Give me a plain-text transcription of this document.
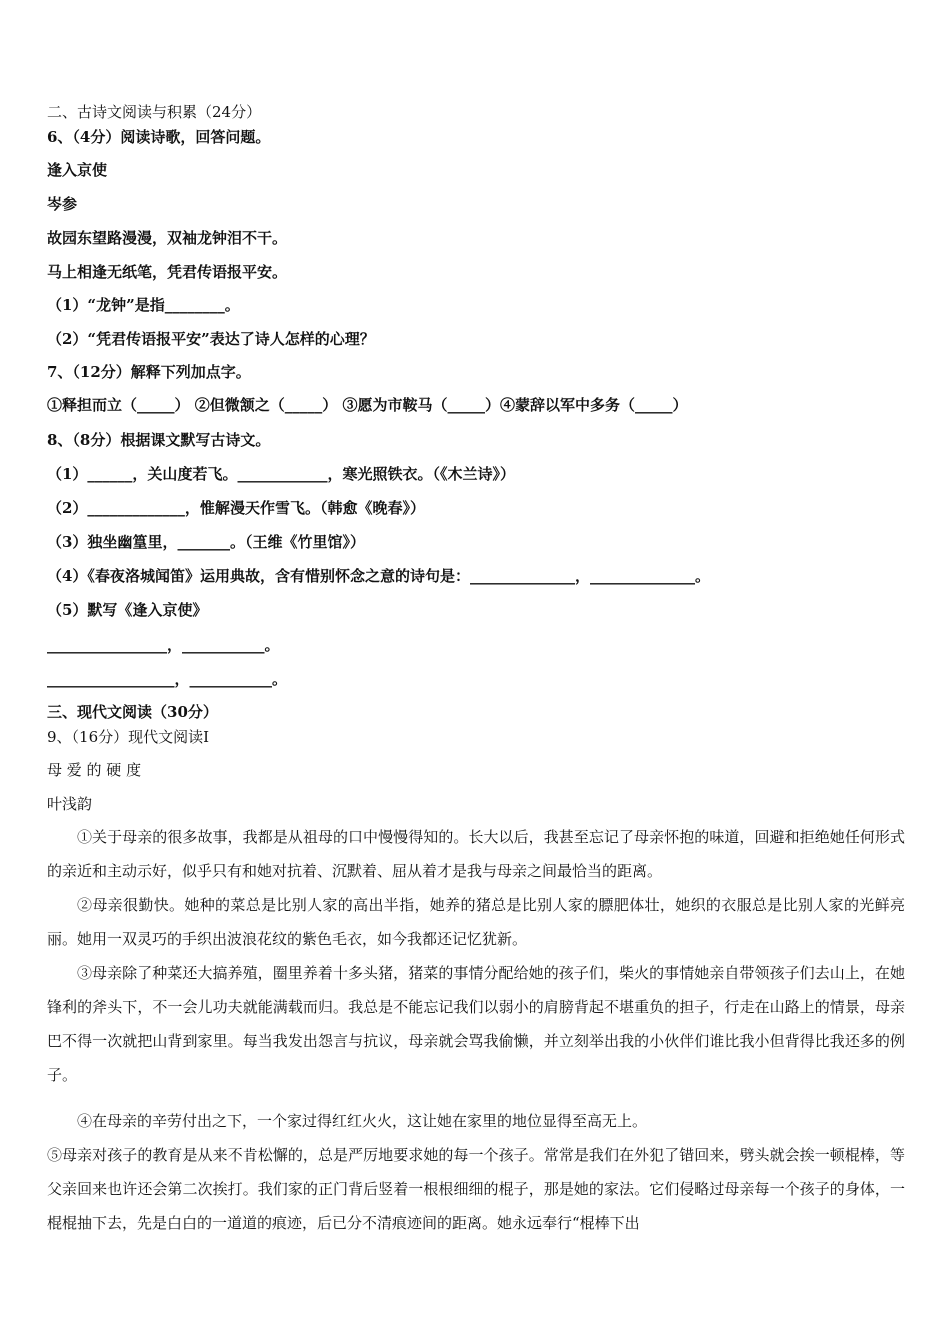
二、古诗文阅读与积累（24分）
6、（4分）阅读诗歌，回答问题。
逢入京使
岑参
故园东望路漫漫，双袖龙钟泪不干。
马上相逢无纸笔，凭君传语报平安。
（1）“龙钟”是指________。
（2）“凭君传语报平安”表达了诗人怎样的心理？
7、（12分）解释下列加点字。
①释担而立（_____） ②但微颔之（_____） ③愿为市鞍马（_____）④蒙辞以军中多务（_____）
8、（8分）根据课文默写古诗文。
（1）______，关山度若飞。____________，寒光照铁衣。（《木兰诗》）
（2）_____________，惟解漫天作雪飞。（韩愈《晚春》）
（3）独坐幽篁里，_______。（王维《竹里馆》）
（4）《春夜洛城闻笛》运用典故，含有惜别怀念之意的诗句是：______________，______________。
（5）默写《逢入京使》
________________，___________。
_________________，___________。
三、现代文阅读（30分）
9、（16分）现代文阅读Ⅰ
母 爱 的 硬 度
叶浅韵
①关于母亲的很多故事，我都是从祖母的口中慢慢得知的。长大以后，我甚至忘记了母亲怀抱的味道，回避和拒绝她任何形式的亲近和主动示好，似乎只有和她对抗着、沉默着、屈从着才是我与母亲之间最恰当的距离。
②母亲很勤快。她种的菜总是比别人家的高出半指，她养的猪总是比别人家的膘肥体壮，她织的衣服总是比别人家的光鲜亮丽。她用一双灵巧的手织出波浪花纹的紫色毛衣，如今我都还记忆犹新。
③母亲除了种菜还大搞养殖，圈里养着十多头猪，猪菜的事情分配给她的孩子们，柴火的事情她亲自带领孩子们去山上，在她锋利的斧头下，不一会儿功夫就能满载而归。我总是不能忘记我们以弱小的肩膀背起不堪重负的担子，行走在山路上的情景，母亲巴不得一次就把山背到家里。每当我发出怨言与抗议，母亲就会骂我偷懒，并立刻举出我的小伙伴们谁比我小但背得比我还多的例子。
④在母亲的辛劳付出之下，一个家过得红红火火，这让她在家里的地位显得至高无上。
⑤母亲对孩子的教育是从来不肯松懈的，总是严厉地要求她的每一个孩子。常常是我们在外犯了错回来，劈头就会挨一顿棍棒，等父亲回来也许还会第二次挨打。我们家的正门背后竖着一根根细细的棍子，那是她的家法。它们侵略过母亲每一个孩子的身体，一棍棍抽下去，先是白白的一道道的痕迹，后已分不清痕迹间的距离。她永远奉行“棍棒下出
